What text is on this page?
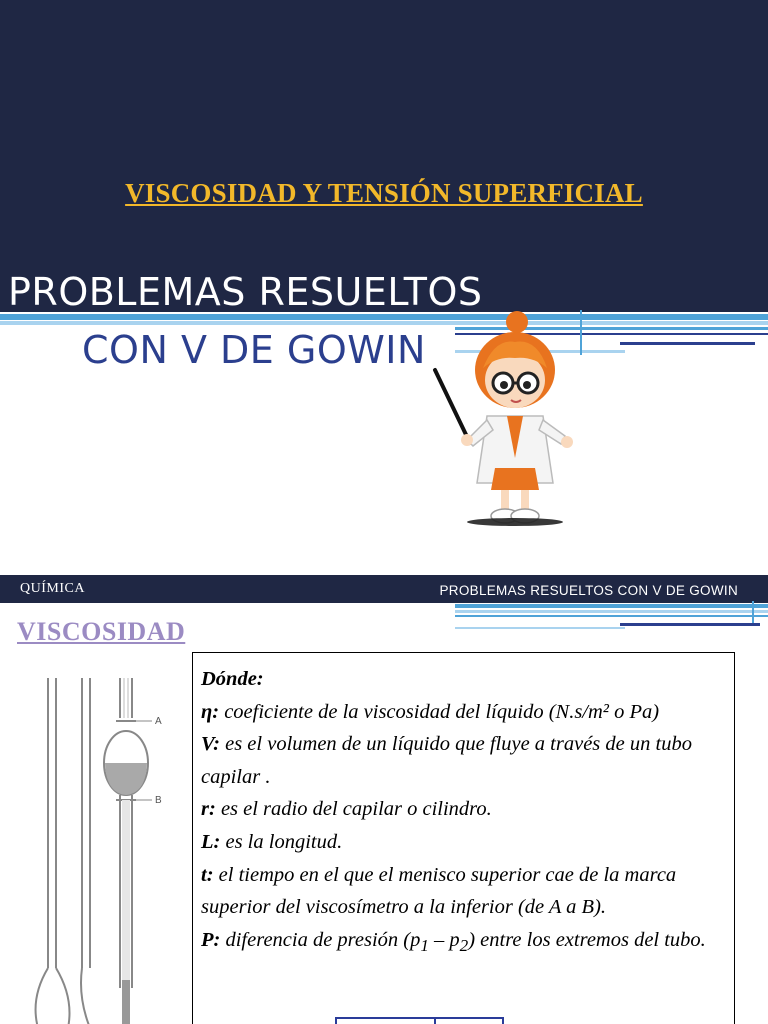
VISCOSIDAD Y TENSIÓN SUPERFICIAL
PROBLEMAS RESUELTOS
CON V DE GOWIN
QUÍMICA	PROBLEMAS RESUELTOS CON V DE GOWIN
VISCOSIDAD
A
B
Dónde:
η: coeficiente de la viscosidad del líquido (N.s/m² o Pa)
V: es el volumen de un líquido que fluye a través de un tubo capilar .
r: es el radio del capilar o cilindro.
L: es la longitud.
t: el tiempo en el que el menisco superior cae de la marca superior del viscosímetro a la inferior (de A a B).
P: diferencia de presión $(p_1 - p_2)$ entre los extremos del tubo.
